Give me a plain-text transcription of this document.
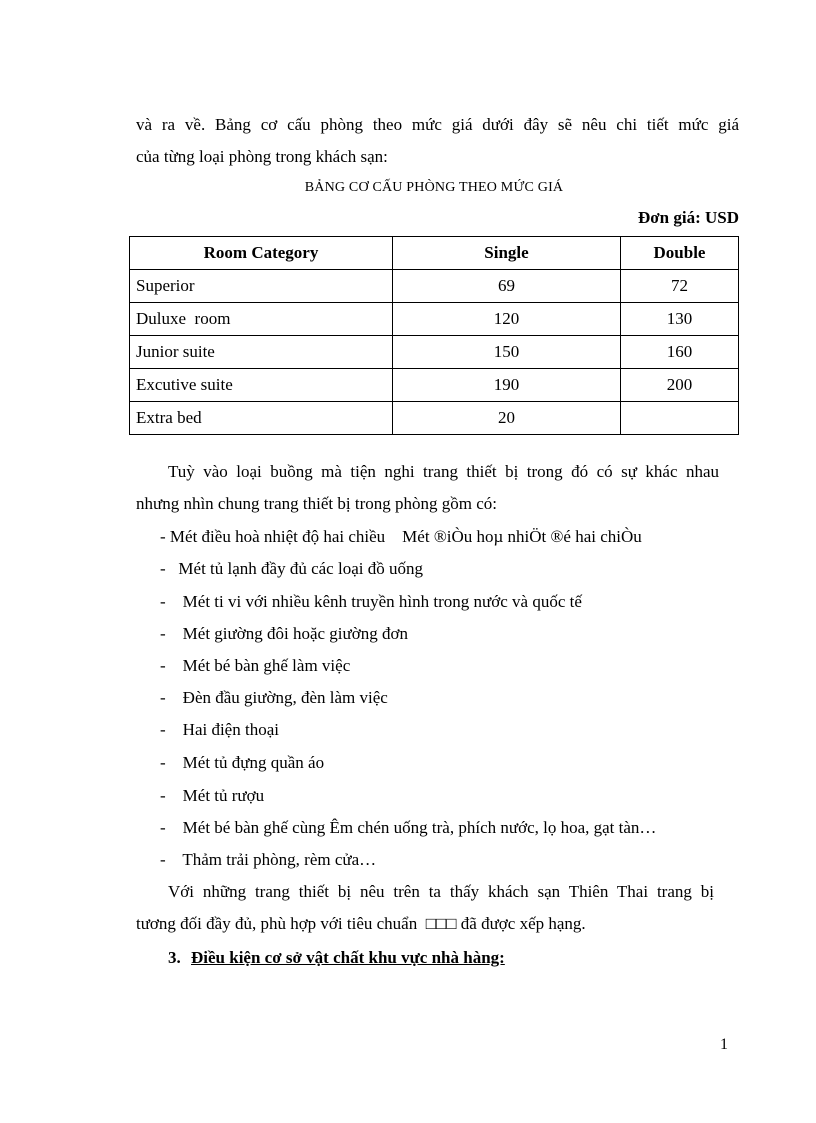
và ra về. Bảng cơ cấu phòng theo mức giá dưới đây sẽ nêu chi tiết mức giá
của từng loại phòng trong khách sạn:
BẢNG CƠ CẤU PHÒNG THEO MỨC GIÁ
Đơn giá: USD
Room Category	Single	Double
Superior	69	72
Duluxe  room	120	130
Junior suite	150	160
Excutive suite	190	200
Extra bed	20	
Tuỳ vào loại buồng mà tiện nghi trang thiết bị trong đó có sự khác nhau
nhưng nhìn chung trang thiết bị trong phòng gồm có:
- Mét điều hoà nhiệt độ hai chiều    Mét ®iÒu hoµ nhiÖt ®é hai chiÒu
-   Mét tủ lạnh đầy đủ các loại đồ uống
-    Mét ti vi với nhiều kênh truyền hình trong nước và quốc tế
-    Mét giường đôi hoặc giường đơn
-    Mét bé bàn ghế làm việc
-    Đèn đầu giường, đèn làm việc
-    Hai điện thoại
-    Mét tủ đựng quần áo
-    Mét tủ rượu
-    Mét bé bàn ghế cùng Êm chén uống trà, phích nước, lọ hoa, gạt tàn…
-    Thảm trải phòng, rèm cửa…
Với những trang thiết bị nêu trên ta thấy khách sạn Thiên Thai trang bị
tương đối đầy đủ, phù hợp với tiêu chuẩn  □□□ đã được xếp hạng.
3. Điều kiện cơ sở vật chất khu vực nhà hàng:
1
